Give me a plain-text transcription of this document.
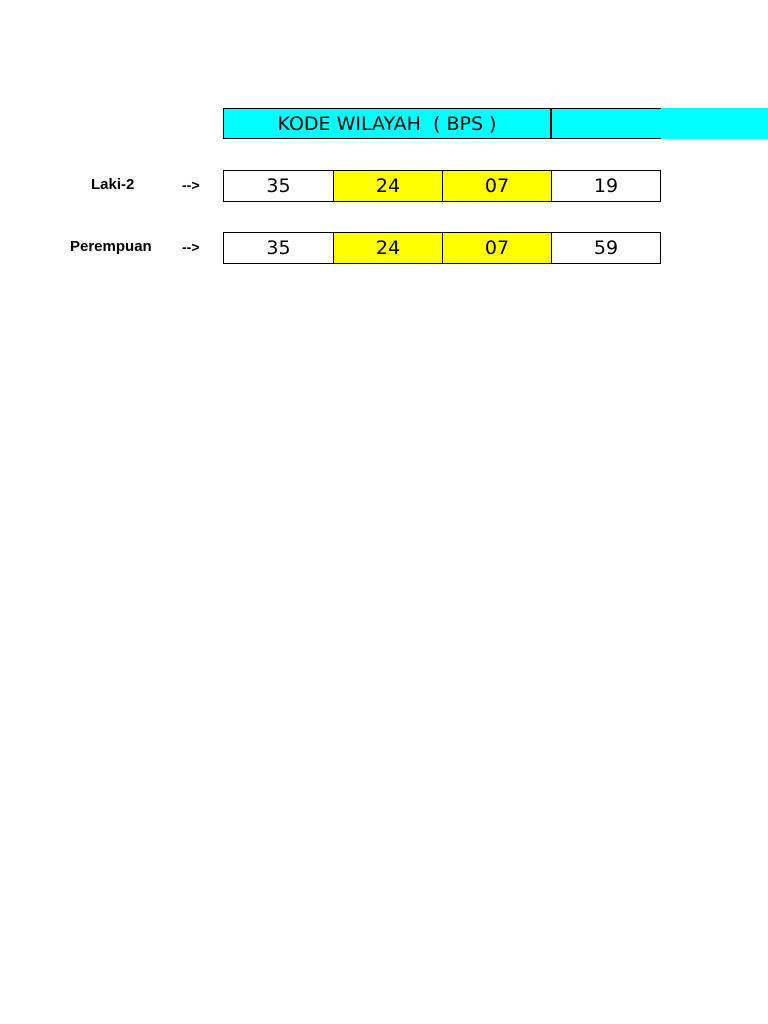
KODE WILAYAH  ( BPS )
Laki-2	-->	35	24	07	19
Perempuan -->	35	24	07	59
